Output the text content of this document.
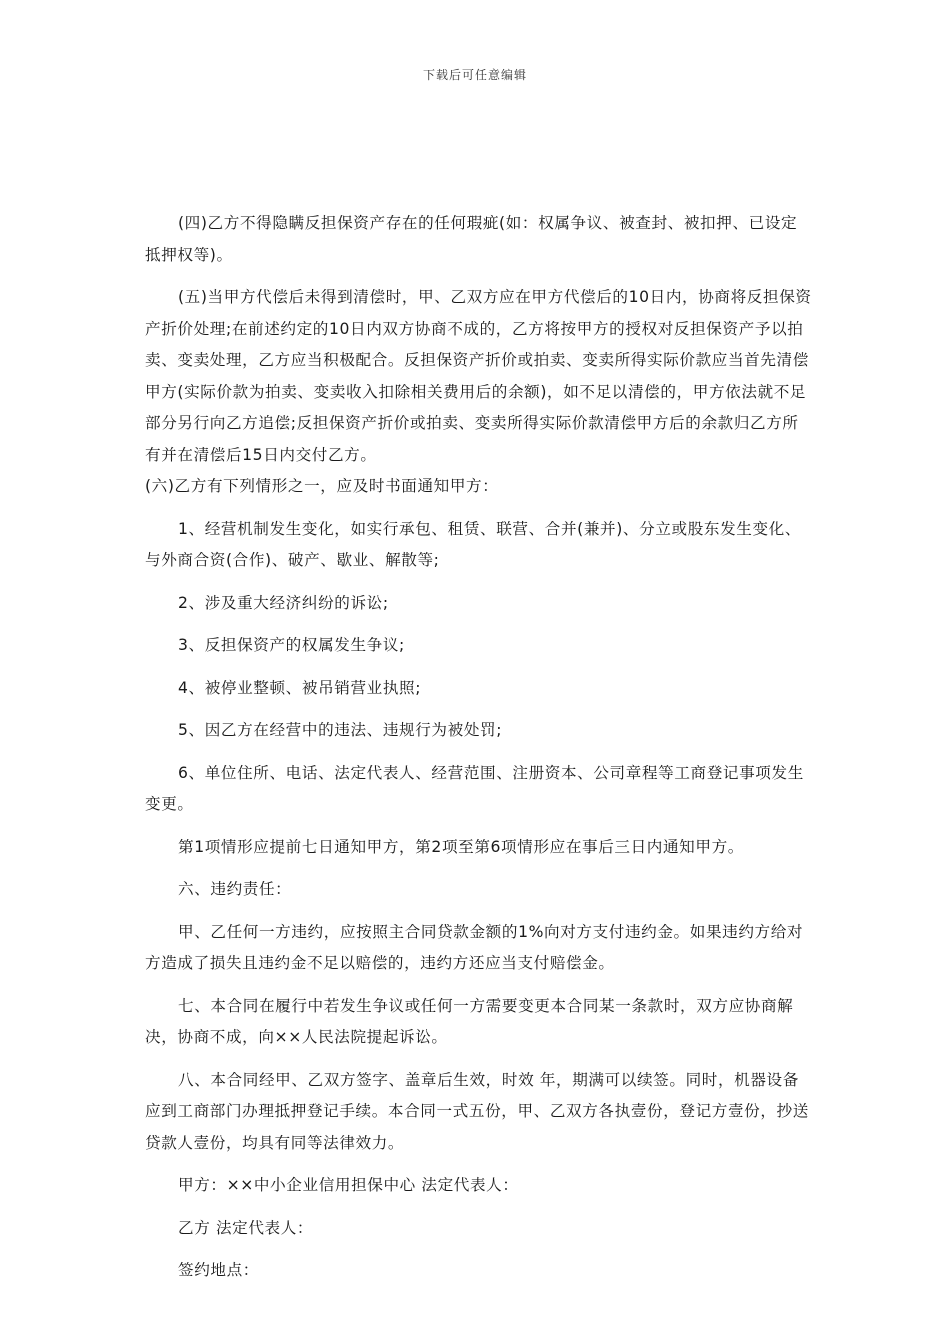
下载后可任意编辑

(四)乙方不得隐瞒反担保资产存在的任何瑕疵(如：权属争议、被查封、被扣押、已设定抵押权等)。

(五)当甲方代偿后未得到清偿时，甲、乙双方应在甲方代偿后的10日内，协商将反担保资产折价处理;在前述约定的10日内双方协商不成的，乙方将按甲方的授权对反担保资产予以拍卖、变卖处理，乙方应当积极配合。反担保资产折价或拍卖、变卖所得实际价款应当首先清偿甲方(实际价款为拍卖、变卖收入扣除相关费用后的余额)，如不足以清偿的，甲方依法就不足部分另行向乙方追偿;反担保资产折价或拍卖、变卖所得实际价款清偿甲方后的余款归乙方所有并在清偿后15日内交付乙方。

(六)乙方有下列情形之一，应及时书面通知甲方：

1、经营机制发生变化，如实行承包、租赁、联营、合并(兼并)、分立或股东发生变化、与外商合资(合作)、破产、歇业、解散等;

2、涉及重大经济纠纷的诉讼;

3、反担保资产的权属发生争议;

4、被停业整顿、被吊销营业执照;

5、因乙方在经营中的违法、违规行为被处罚;

6、单位住所、电话、法定代表人、经营范围、注册资本、公司章程等工商登记事项发生变更。

第1项情形应提前七日通知甲方，第2项至第6项情形应在事后三日内通知甲方。

六、违约责任：

甲、乙任何一方违约，应按照主合同贷款金额的1%向对方支付违约金。如果违约方给对方造成了损失且违约金不足以赔偿的，违约方还应当支付赔偿金。

七、本合同在履行中若发生争议或任何一方需要变更本合同某一条款时，双方应协商解决，协商不成，向××人民法院提起诉讼。

八、本合同经甲、乙双方签字、盖章后生效，时效 年，期满可以续签。同时，机器设备应到工商部门办理抵押登记手续。本合同一式五份，甲、乙双方各执壹份，登记方壹份，抄送贷款人壹份，均具有同等法律效力。

甲方：××中小企业信用担保中心 法定代表人：

乙方 法定代表人：

签约地点：
